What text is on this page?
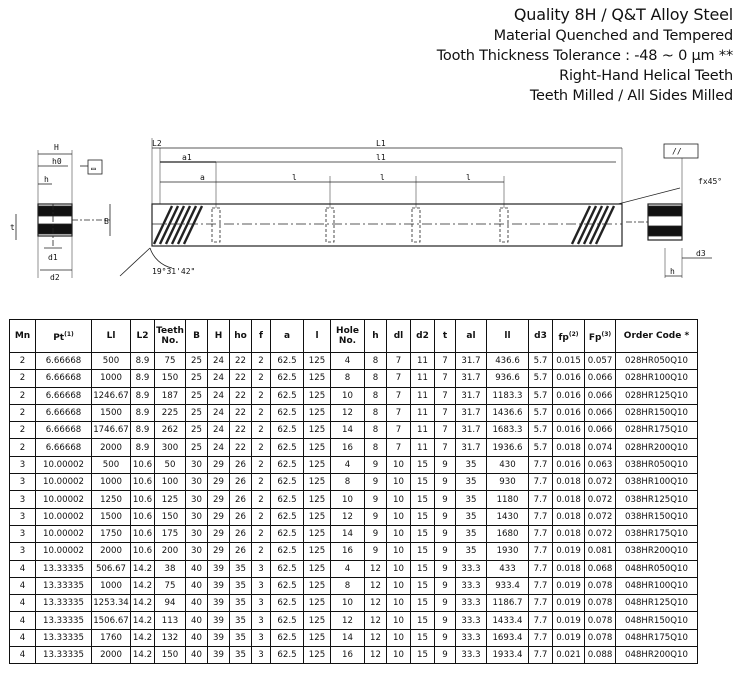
Quality 8H / Q&T Alloy Steel
Material Quenched and Tempered
Tooth Thickness Tolerance : -48 ~ 0 μm **
Right-Hand Helical Teeth
Teeth Milled / All Sides Milled
H
h0
h
t
B
d1
d2
▭
L2	L1
l1
a1
a	l	l	l
19°31'42"
fx45°
//
d3
h
Mn	Pt$^{(1)}$	Ll	L2	Teeth No.	B	H	ho	f	a	l	Hole No.	h	dl	d2	t	al	ll	d3	$fp^{(2)}$	Fp$^{(3)}$	Order Code *
2	6.66668	500	8.9	75	25	24	22	2	62.5	125	4	8	7	11	7	31.7	436.6	5.7	0.015	0.057	028HR050Q10
2	6.66668	1000	8.9	150	25	24	22	2	62.5	125	8	8	7	11	7	31.7	936.6	5.7	0.016	0.066	028HR100Q10
2	6.66668	1246.67	8.9	187	25	24	22	2	62.5	125	10	8	7	11	7	31.7	1183.3	5.7	0.016	0.066	028HR125Q10
2	6.66668	1500	8.9	225	25	24	22	2	62.5	125	12	8	7	11	7	31.7	1436.6	5.7	0.016	0.066	028HR150Q10
2	6.66668	1746.67	8.9	262	25	24	22	2	62.5	125	14	8	7	11	7	31.7	1683.3	5.7	0.016	0.066	028HR175Q10
2	6.66668	2000	8.9	300	25	24	22	2	62.5	125	16	8	7	11	7	31.7	1936.6	5.7	0.018	0.074	028HR200Q10
3	10.00002	500	10.6	50	30	29	26	2	62.5	125	4	9	10	15	9	35	430	7.7	0.016	0.063	038HR050Q10
3	10.00002	1000	10.6	100	30	29	26	2	62.5	125	8	9	10	15	9	35	930	7.7	0.018	0.072	038HR100Q10
3	10.00002	1250	10.6	125	30	29	26	2	62.5	125	10	9	10	15	9	35	1180	7.7	0.018	0.072	038HR125Q10
3	10.00002	1500	10.6	150	30	29	26	2	62.5	125	12	9	10	15	9	35	1430	7.7	0.018	0.072	038HR150Q10
3	10.00002	1750	10.6	175	30	29	26	2	62.5	125	14	9	10	15	9	35	1680	7.7	0.018	0.072	038HR175Q10
3	10.00002	2000	10.6	200	30	29	26	2	62.5	125	16	9	10	15	9	35	1930	7.7	0.019	0.081	038HR200Q10
4	13.33335	506.67	14.2	38	40	39	35	3	62.5	125	4	12	10	15	9	33.3	433	7.7	0.018	0.068	048HR050Q10
4	13.33335	1000	14.2	75	40	39	35	3	62.5	125	8	12	10	15	9	33.3	933.4	7.7	0.019	0.078	048HR100Q10
4	13.33335	1253.34	14.2	94	40	39	35	3	62.5	125	10	12	10	15	9	33.3	1186.7	7.7	0.019	0.078	048HR125Q10
4	13.33335	1506.67	14.2	113	40	39	35	3	62.5	125	12	12	10	15	9	33.3	1433.4	7.7	0.019	0.078	048HR150Q10
4	13.33335	1760	14.2	132	40	39	35	3	62.5	125	14	12	10	15	9	33.3	1693.4	7.7	0.019	0.078	048HR175Q10
4	13.33335	2000	14.2	150	40	39	35	3	62.5	125	16	12	10	15	9	33.3	1933.4	7.7	0.021	0.088	048HR200Q10
